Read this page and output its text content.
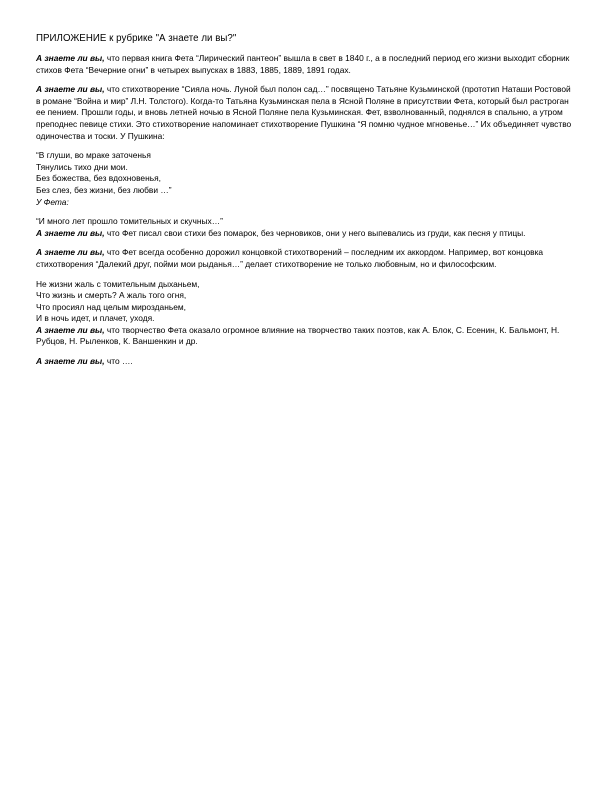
ПРИЛОЖЕНИЕ к рубрике "А знаете ли вы?"

А знаете ли вы, что первая книга Фета “Лирический пантеон” вышла в свет в 1840 г., а в последний период его жизни выходит сборник стихов Фета “Вечерние огни” в четырех выпусках в 1883, 1885, 1889, 1891 годах.

А знаете ли вы, что стихотворение “Сияла ночь. Луной был полон сад…” посвящено Татьяне Кузьминской (прототип Наташи Ростовой в романе “Война и мир” Л.Н. Толстого). Когда-то Татьяна Кузьминская пела в Ясной Поляне в присутствии Фета, который был растроган ее пением. Прошли годы, и вновь летней ночью в Ясной Поляне пела Кузьминская. Фет, взволнованный, поднялся в спальню, а утром преподнес певице стихи. Это стихотворение напоминает стихотворение Пушкина “Я помню чудное мгновенье…” Их объединяет чувство одиночества и тоски. У Пушкина:

“В глуши, во мраке заточенья
Тянулись тихо дни мои.
Без божества, без вдохновенья,
Без слез, без жизни, без любви …”
У Фета:
“И много лет прошло томительных и скучных…”

А знаете ли вы, что Фет писал свои стихи без помарок, без черновиков, они у него выпевались из груди, как песня у птицы.

А знаете ли вы, что Фет всегда особенно дорожил концовкой стихотворений – последним их аккордом. Например, вот концовка стихотворения “Далекий друг, пойми мои рыданья…” делает стихотворение не только любовным, но и философским.

Не жизни жаль с томительным дыханьем,
Что жизнь и смерть? А жаль того огня,
Что просиял над целым мирозданьем,
И в ночь идет, и плачет, уходя.

А знаете ли вы, что творчество Фета оказало огромное влияние на творчество таких поэтов, как А. Блок, С. Есенин, К. Бальмонт, Н. Рубцов, Н. Рыленков, К. Ваншенкин и др.

А знаете ли вы, что ….
